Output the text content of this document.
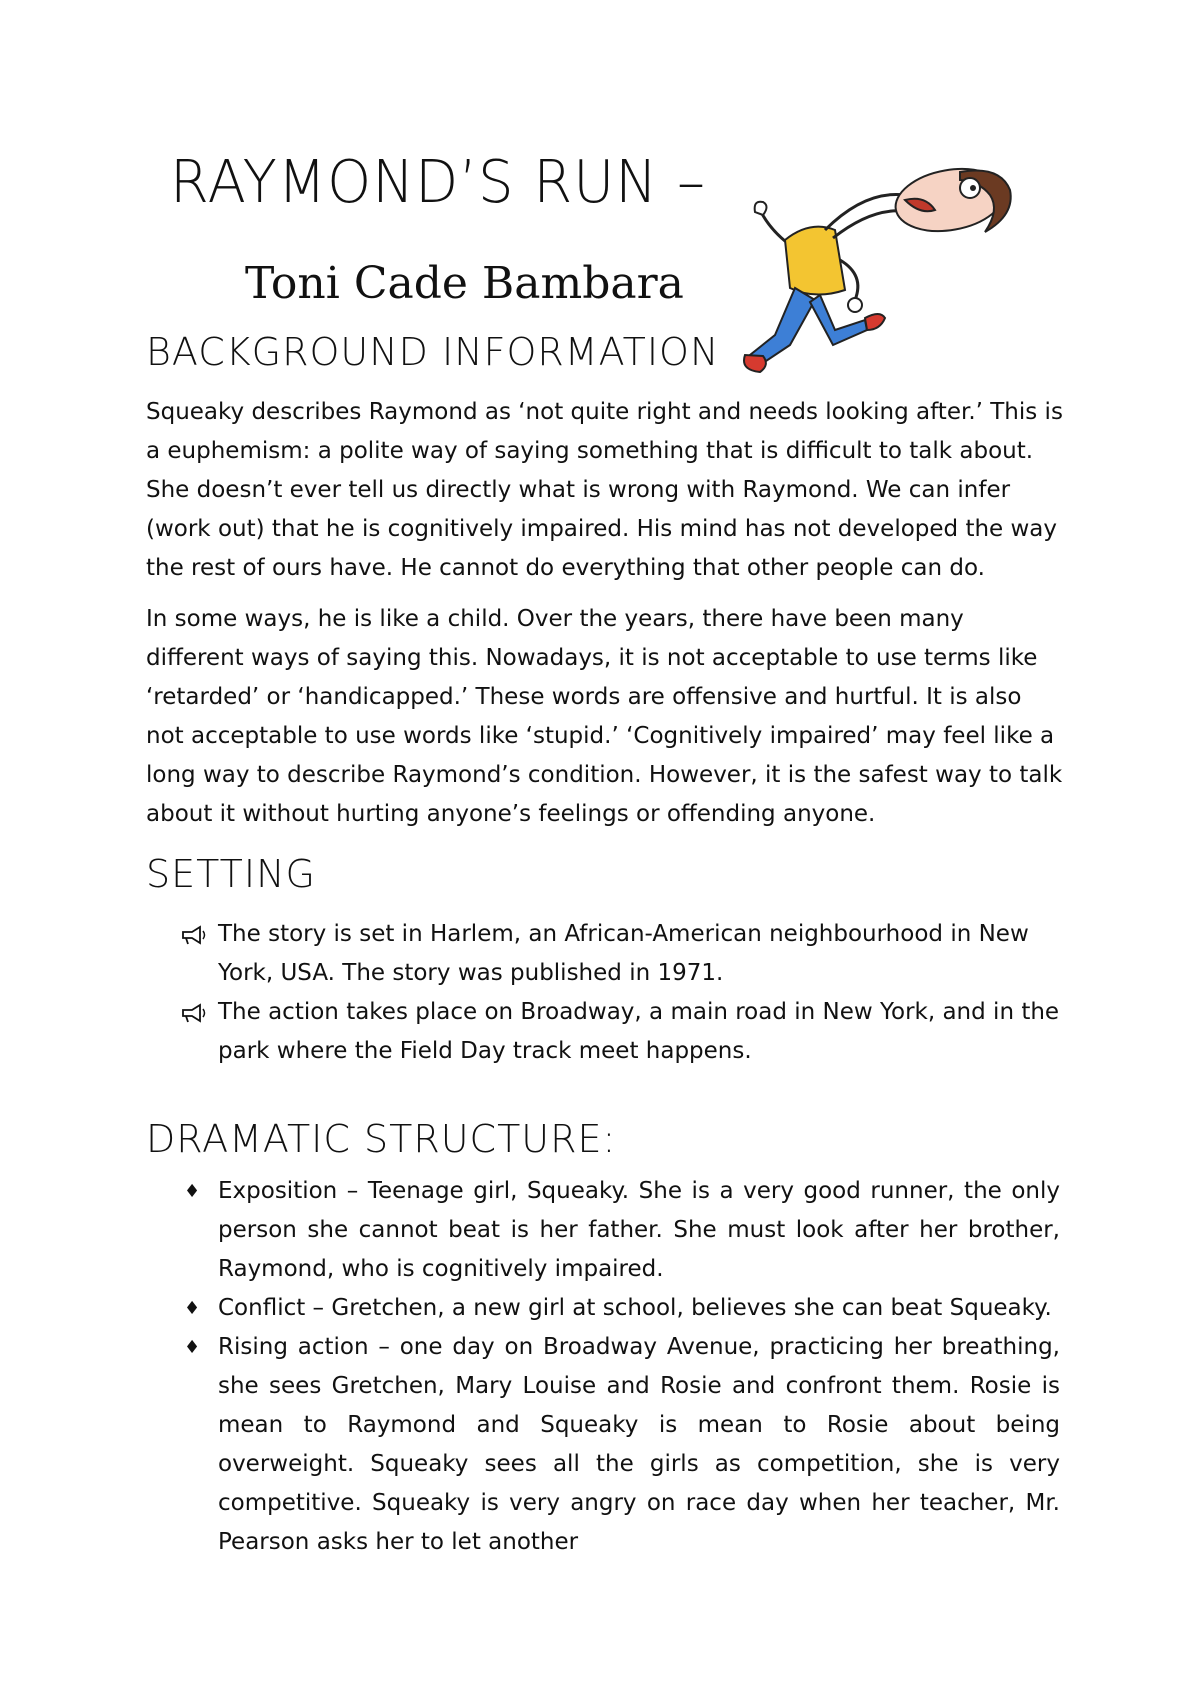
RAYMOND’S RUN –
Toni Cade Bambara
BACKGROUND INFORMATION

Squeaky describes Raymond as ‘not quite right and needs looking after.’ This is a euphemism: a polite way of saying something that is difficult to talk about. She doesn’t ever tell us directly what is wrong with Raymond. We can infer (work out) that he is cognitively impaired. His mind has not developed the way the rest of ours have. He cannot do everything that other people can do.

In some ways, he is like a child. Over the years, there have been many different ways of saying this. Nowadays, it is not acceptable to use terms like ‘retarded’ or ‘handicapped.’ These words are offensive and hurtful. It is also not acceptable to use words like ‘stupid.’ ‘Cognitively impaired’ may feel like a long way to describe Raymond’s condition. However, it is the safest way to talk about it without hurting anyone’s feelings or offending anyone.

SETTING
The story is set in Harlem, an African-American neighbourhood in New York, USA. The story was published in 1971.
The action takes place on Broadway, a main road in New York, and in the park where the Field Day track meet happens.
DRAMATIC STRUCTURE:
♦ Exposition – Teenage girl, Squeaky. She is a very good runner, the only person she cannot beat is her father. She must look after her brother, Raymond, who is cognitively impaired.
♦ Conflict – Gretchen, a new girl at school, believes she can beat Squeaky.
♦ Rising action – one day on Broadway Avenue, practicing her breathing, she sees Gretchen, Mary Louise and Rosie and confront them. Rosie is mean to Raymond and Squeaky is mean to Rosie about being overweight. Squeaky sees all the girls as competition, she is very competitive. Squeaky is very angry on race day when her teacher, Mr. Pearson asks her to let another
